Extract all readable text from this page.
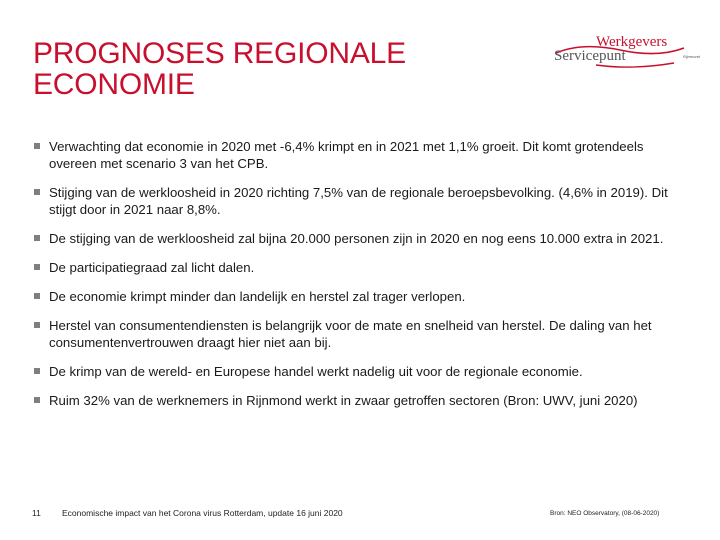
PROGNOSES REGIONALE
ECONOMIE
Werkgevers
Servicepunt	Rijnmond
Verwachting dat economie in 2020 met -6,4% krimpt en in 2021 met 1,1% groeit. Dit komt grotendeels overeen met scenario 3 van het CPB.
Stijging van de werkloosheid in 2020 richting 7,5% van de regionale beroepsbevolking. (4,6% in 2019). Dit stijgt door in 2021 naar 8,8%.
De stijging van de werkloosheid zal bijna 20.000 personen zijn in 2020 en nog eens 10.000 extra in 2021.
De participatiegraad zal licht dalen.
De economie krimpt minder dan landelijk en herstel zal trager verlopen.
Herstel van consumentendiensten is belangrijk voor de mate en snelheid van herstel. De daling van het consumentenvertrouwen draagt hier niet aan bij.
De krimp van de wereld- en Europese handel werkt nadelig uit voor de regionale economie.
Ruim 32% van de werknemers in Rijnmond werkt in zwaar getroffen sectoren (Bron: UWV, juni 2020)
11 Economische impact van het Corona virus Rotterdam, update 16 juni 2020	Bron: NEO Observatory, (08-06-2020)
